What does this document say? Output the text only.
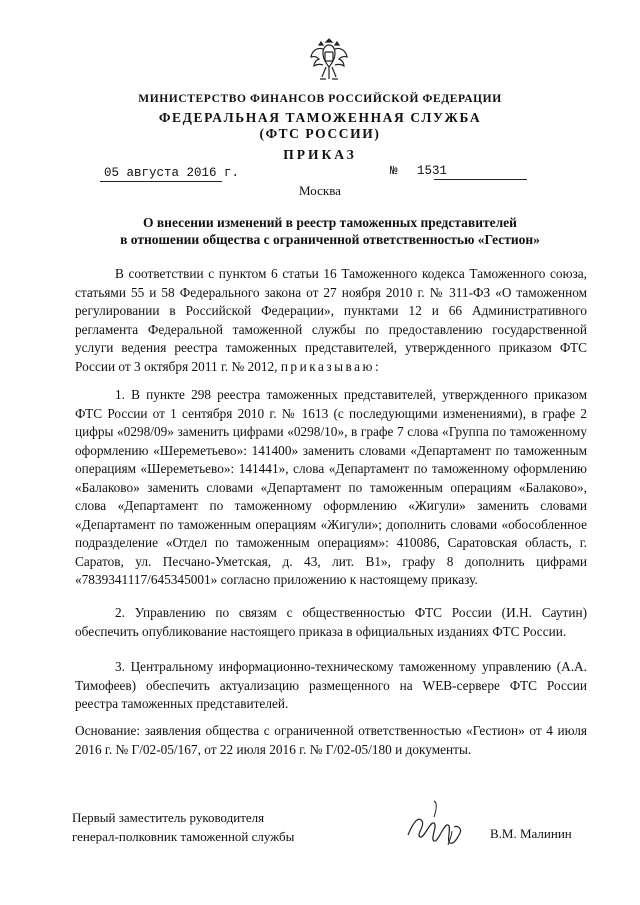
МИНИСТЕРСТВО ФИНАНСОВ РОССИЙСКОЙ ФЕДЕРАЦИИ
ФЕДЕРАЛЬНАЯ ТАМОЖЕННАЯ СЛУЖБА
(ФТС РОССИИ)
ПРИКАЗ
05 августа 2016 г.	№ 1531
Москва
О внесении изменений в реестр таможенных представителей
в отношении общества с ограниченной ответственностью «Гестион»

В соответствии с пунктом 6 статьи 16 Таможенного кодекса Таможенного союза, статьями 55 и 58 Федерального закона от 27 ноября 2010 г. № 311-ФЗ «О таможенном регулировании в Российской Федерации», пунктами 12 и 66 Административного регламента Федеральной таможенной службы по предоставлению государственной услуги ведения реестра таможенных представителей, утвержденного приказом ФТС России от 3 октября 2011 г. № 2012, приказываю:

1. В пункте 298 реестра таможенных представителей, утвержденного приказом ФТС России от 1 сентября 2010 г. № 1613 (с последующими изменениями), в графе 2 цифры «0298/09» заменить цифрами «0298/10», в графе 7 слова «Группа по таможенному оформлению «Шереметьево»: 141400» заменить словами «Департамент по таможенным операциям «Шереметьево»: 141441», слова «Департамент по таможенному оформлению «Балаково» заменить словами «Департамент по таможенным операциям «Балаково», слова «Департамент по таможенному оформлению «Жигули» заменить словами «Департамент по таможенным операциям «Жигули»; дополнить словами «обособленное подразделение «Отдел по таможенным операциям»: 410086, Саратовская область, г. Саратов, ул. Песчано-Уметская, д. 43, лит. В1», графу 8 дополнить цифрами «7839341117/645345001» согласно приложению к настоящему приказу.

2. Управлению по связям с общественностью ФТС России (И.Н. Саутин) обеспечить опубликование настоящего приказа в официальных изданиях ФТС России.

3. Центральному информационно-техническому таможенному управлению (А.А. Тимофеев) обеспечить актуализацию размещенного на WEB-сервере ФТС России реестра таможенных представителей.

Основание: заявления общества с ограниченной ответственностью «Гестион» от 4 июля 2016 г. № Г/02-05/167, от 22 июля 2016 г. № Г/02-05/180 и документы.

Первый заместитель руководителя
генерал-полковник таможенной службы	В.М. Малинин
